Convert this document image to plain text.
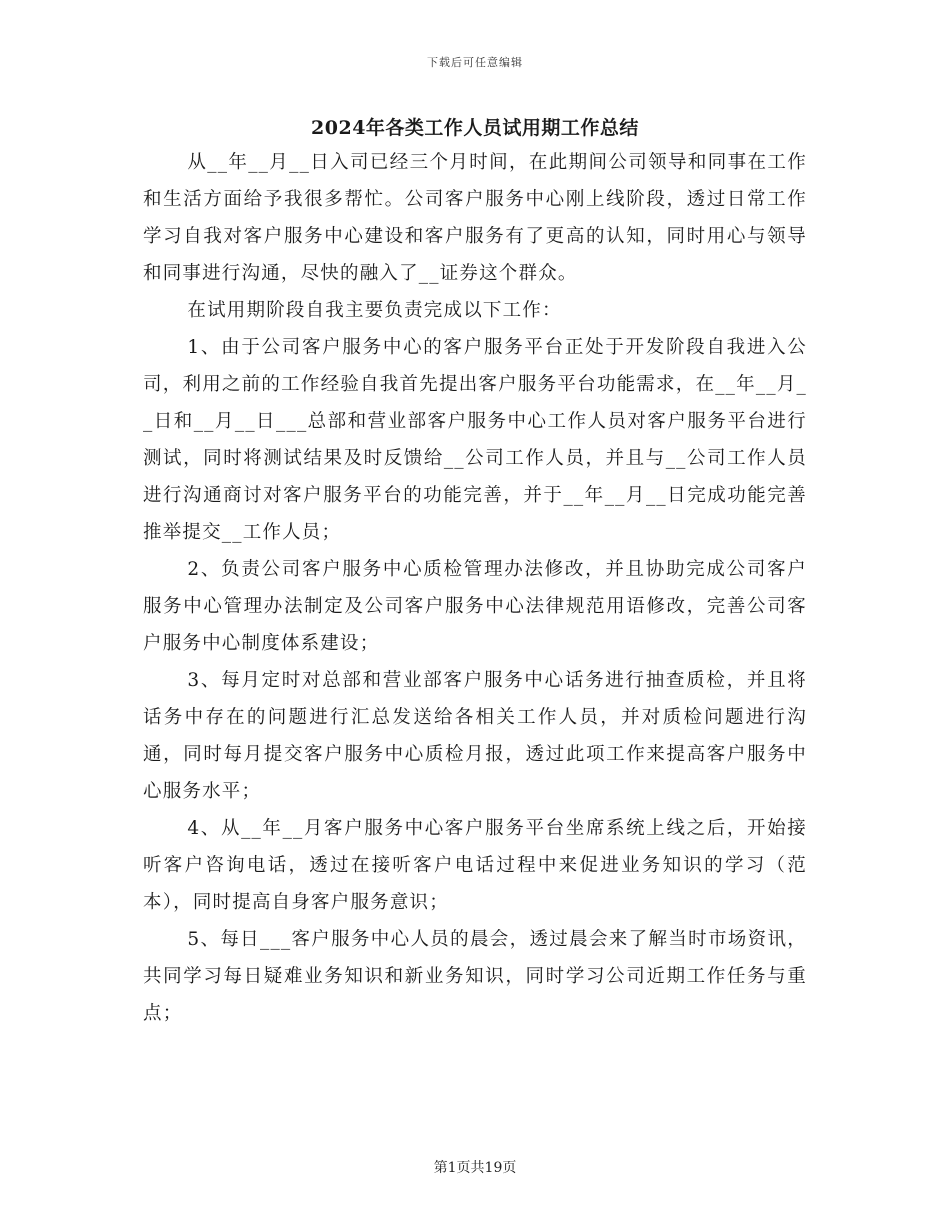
下载后可任意编辑
2024年各类工作人员试用期工作总结

从__年__月__日入司已经三个月时间，在此期间公司领导和同事在工作和生活方面给予我很多帮忙。公司客户服务中心刚上线阶段，透过日常工作学习自我对客户服务中心建设和客户服务有了更高的认知，同时用心与领导和同事进行沟通，尽快的融入了__证券这个群众。

在试用期阶段自我主要负责完成以下工作：

1、由于公司客户服务中心的客户服务平台正处于开发阶段自我进入公司，利用之前的工作经验自我首先提出客户服务平台功能需求，在__年__月__日和__月__日___总部和营业部客户服务中心工作人员对客户服务平台进行测试，同时将测试结果及时反馈给__公司工作人员，并且与__公司工作人员进行沟通商讨对客户服务平台的功能完善，并于__年__月__日完成功能完善推举提交__工作人员；

2、负责公司客户服务中心质检管理办法修改，并且协助完成公司客户服务中心管理办法制定及公司客户服务中心法律规范用语修改，完善公司客户服务中心制度体系建设；

3、每月定时对总部和营业部客户服务中心话务进行抽查质检，并且将话务中存在的问题进行汇总发送给各相关工作人员，并对质检问题进行沟通，同时每月提交客户服务中心质检月报，透过此项工作来提高客户服务中心服务水平；

4、从__年__月客户服务中心客户服务平台坐席系统上线之后，开始接听客户咨询电话，透过在接听客户电话过程中来促进业务知识的学习（范本），同时提高自身客户服务意识；

5、每日___客户服务中心人员的晨会，透过晨会来了解当时市场资讯，共同学习每日疑难业务知识和新业务知识，同时学习公司近期工作任务与重点；

第1页共19页
